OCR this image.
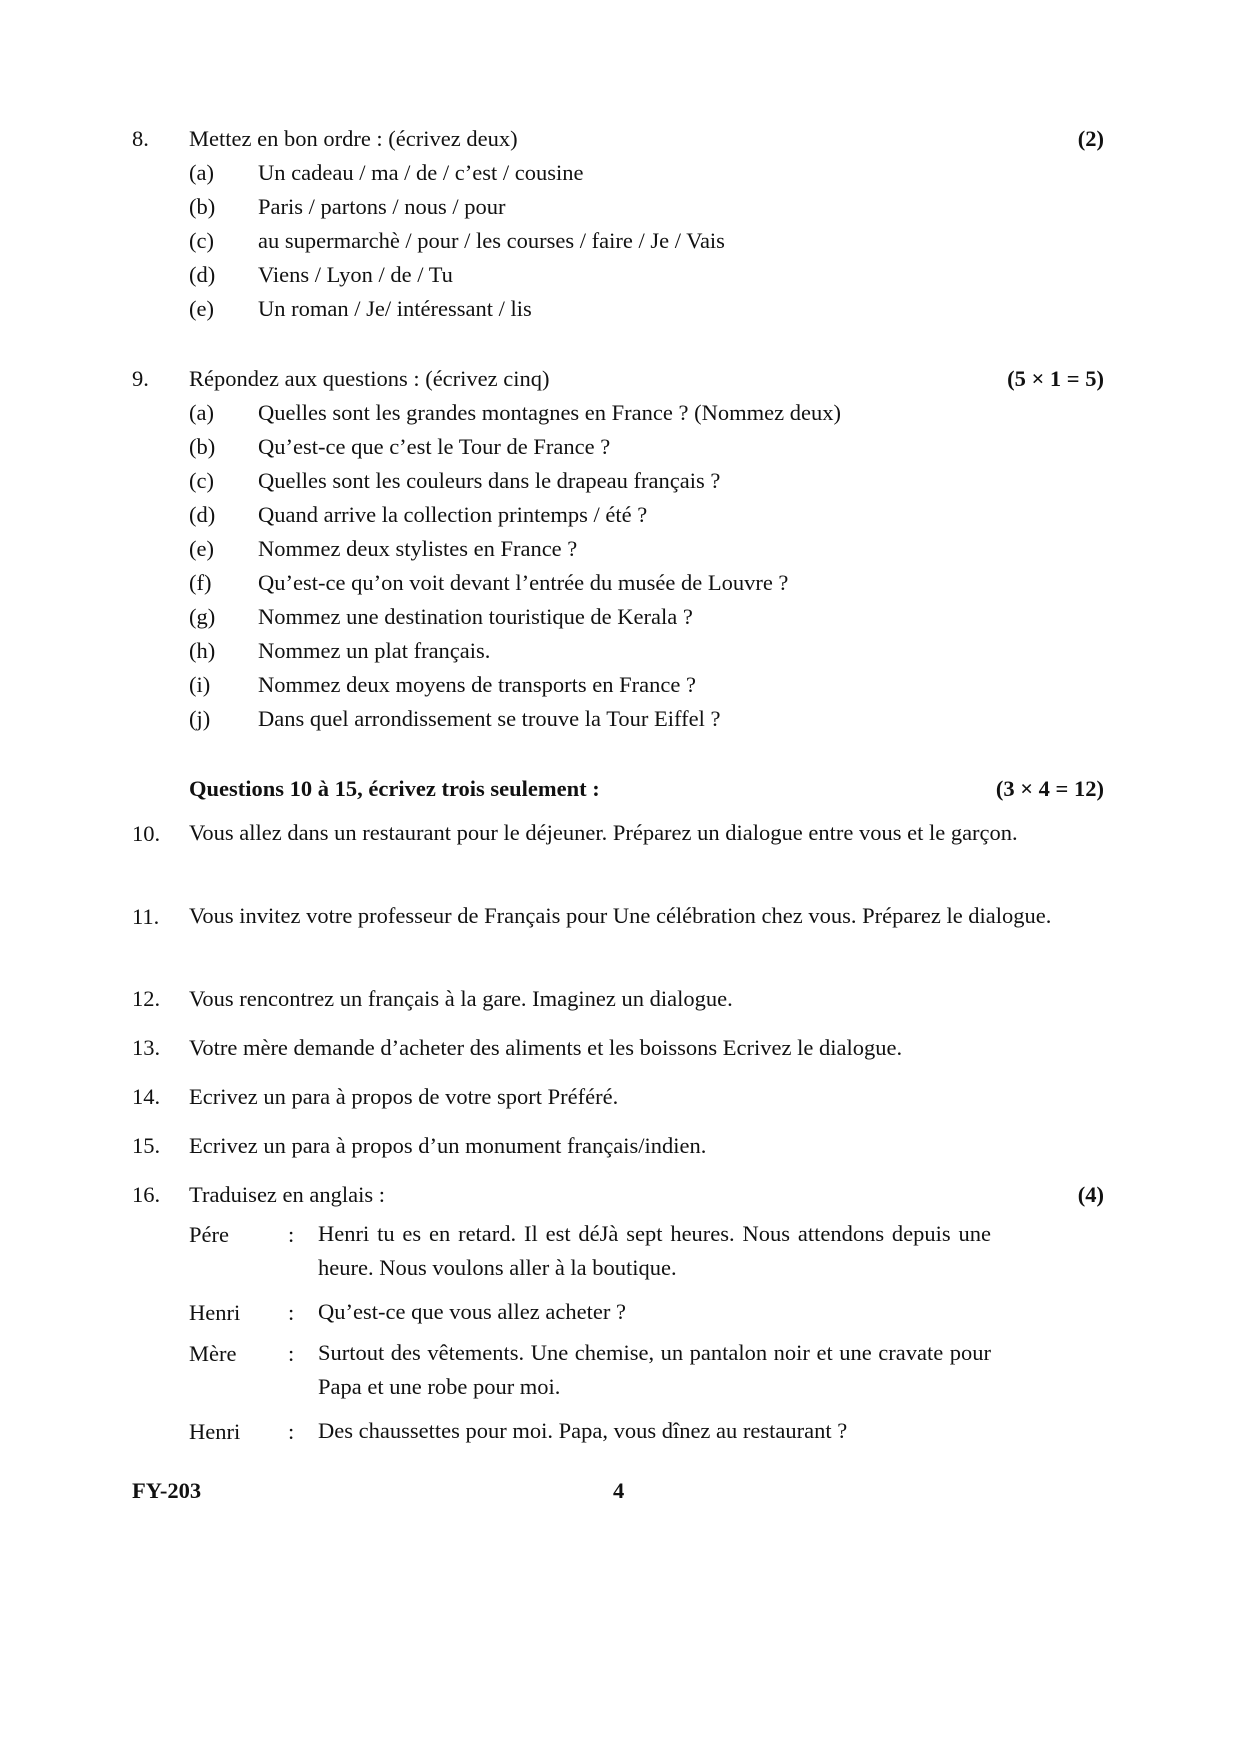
8. Mettez en bon ordre : (écrivez deux)	(2)
(a) Un cadeau / ma / de / c’est / cousine
(b) Paris / partons / nous / pour
(c) au supermarchè / pour / les courses / faire / Je / Vais
(d) Viens / Lyon / de / Tu
(e) Un roman / Je/ intéressant / lis
9. Répondez aux questions : (écrivez cinq)	(5 × 1 = 5)
(a) Quelles sont les grandes montagnes en France ? (Nommez deux)
(b) Qu’est-ce que c’est le Tour de France ?
(c) Quelles sont les couleurs dans le drapeau français ?
(d) Quand arrive la collection printemps / été ?
(e) Nommez deux stylistes en France ?
(f) Qu’est-ce qu’on voit devant l’entrée du musée de Louvre ?
(g) Nommez une destination touristique de Kerala ?
(h) Nommez un plat français.
(i) Nommez deux moyens de transports en France ?
(j) Dans quel arrondissement se trouve la Tour Eiffel ?
Questions 10 à 15, écrivez trois seulement :	(3 × 4 = 12)
10. Vous allez dans un restaurant pour le déjeuner. Préparez un dialogue entre vous et le garçon.
11. Vous invitez votre professeur de Français pour Une célébration chez vous. Préparez le dialogue.
12. Vous rencontrez un français à la gare. Imaginez un dialogue.
13. Votre mère demande d’acheter des aliments et les boissons Ecrivez le dialogue.
14. Ecrivez un para à propos de votre sport Préféré.
15. Ecrivez un para à propos d’un monument français/indien.
16. Traduisez en anglais :	(4)
Pére	: Henri tu es en retard. Il est déJà sept heures. Nous attendons depuis une heure. Nous voulons aller à la boutique.
Henri : Qu’est-ce que vous allez acheter ?
Mère : Surtout des vêtements. Une chemise, un pantalon noir et une cravate pour Papa et une robe pour moi.
Henri : Des chaussettes pour moi. Papa, vous dînez au restaurant ?
FY-203	4
